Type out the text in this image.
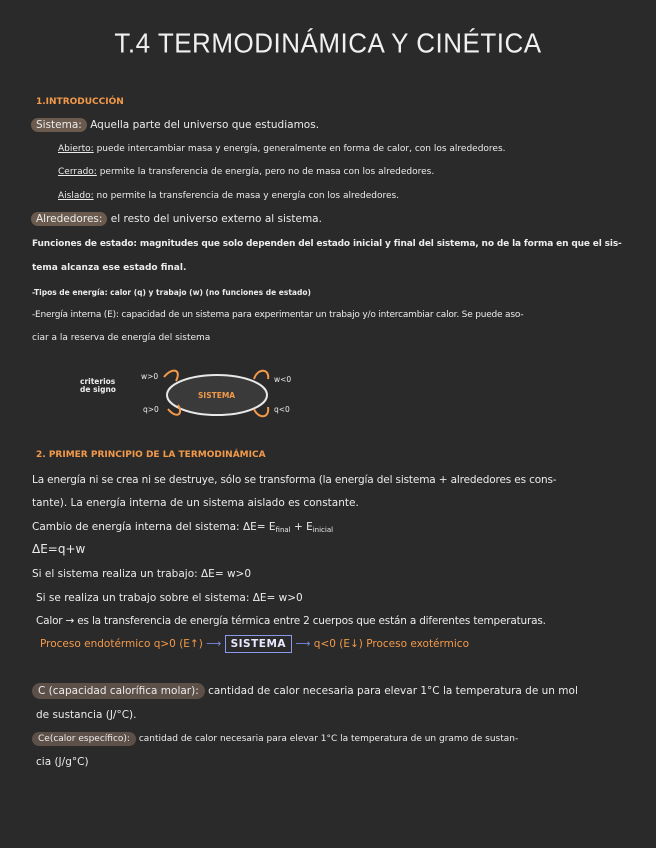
T.4 TERMODINÁMICA Y CINÉTICA
1.INTRODUCCIÓN
Sistema: Aquella parte del universo que estudiamos.
Abierto: puede intercambiar masa y energía, generalmente en forma de calor, con los alrededores.
Cerrado: permite la transferencia de energía, pero no de masa con los alrededores.
Aislado: no permite la transferencia de masa y energía con los alrededores.
Alrededores: el resto del universo externo al sistema.
Funciones de estado: magnitudes que solo dependen del estado inicial y final del sistema, no de la forma en que el sis-
tema alcanza ese estado final.
-Tipos de energía: calor (q) y trabajo (w) (no funciones de estado)
-Energía interna (E): capacidad de un sistema para experimentar un trabajo y/o intercambiar calor. Se puede aso-
ciar a la reserva de energía del sistema
criterios
de signo
SISTEMA
w>0	w<0
q>0	q<0
2. PRIMER PRINCIPIO DE LA TERMODINÁMICA
La energía ni se crea ni se destruye, sólo se transforma (la energía del sistema + alrededores es cons-
tante). La energía interna de un sistema aislado es constante.
Cambio de energía interna del sistema: $\Delta E= E_{final} + E_{inicial}$
ΔE=q+w
Si el sistema realiza un trabajo: ΔE= w>0
Si se realiza un trabajo sobre el sistema: ΔE= w>0
Calor → es la transferencia de energía térmica entre 2 cuerpos que están a diferentes temperaturas.
Proceso endotérmico q>0 (E↑) ⟶ SISTEMA ⟶ q<0 (E↓) Proceso exotérmico
C (capacidad calorífica molar): cantidad de calor necesaria para elevar 1°C la temperatura de un mol
de sustancia (J/°C).
Ce(calor específico): cantidad de calor necesaria para elevar 1°C la temperatura de un gramo de sustan-
cia (J/g°C)
